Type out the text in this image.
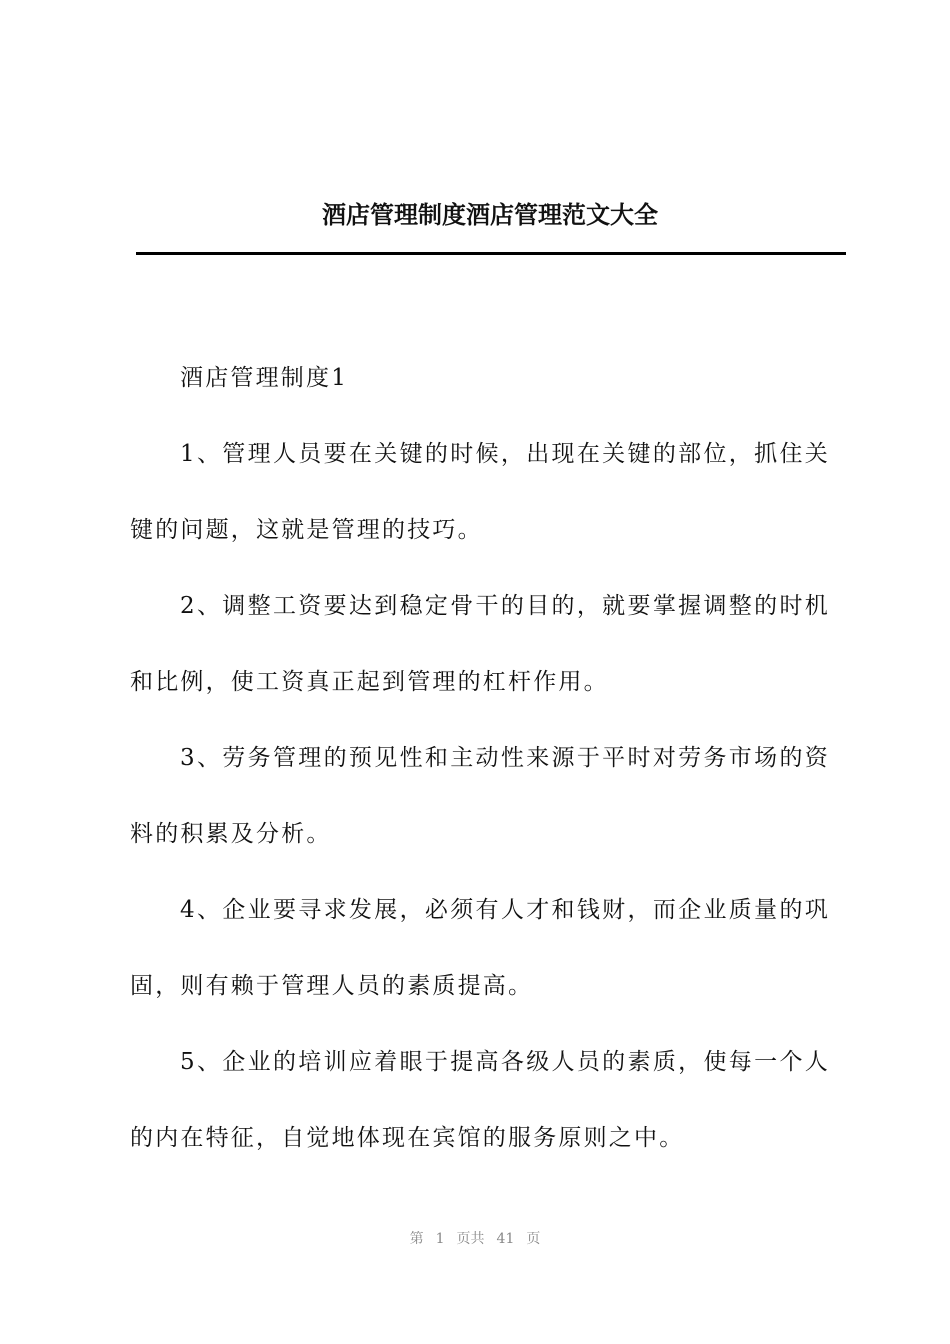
酒店管理制度酒店管理范文大全

酒店管理制度1

1、管理人员要在关键的时候，出现在关键的部位，抓住关键的问题，这就是管理的技巧。

2、调整工资要达到稳定骨干的目的，就要掌握调整的时机和比例，使工资真正起到管理的杠杆作用。

3、劳务管理的预见性和主动性来源于平时对劳务市场的资料的积累及分析。

4、企业要寻求发展，必须有人才和钱财，而企业质量的巩固，则有赖于管理人员的素质提高。

5、企业的培训应着眼于提高各级人员的素质，使每一个人的内在特征，自觉地体现在宾馆的服务原则之中。

第 1 页共 41 页
